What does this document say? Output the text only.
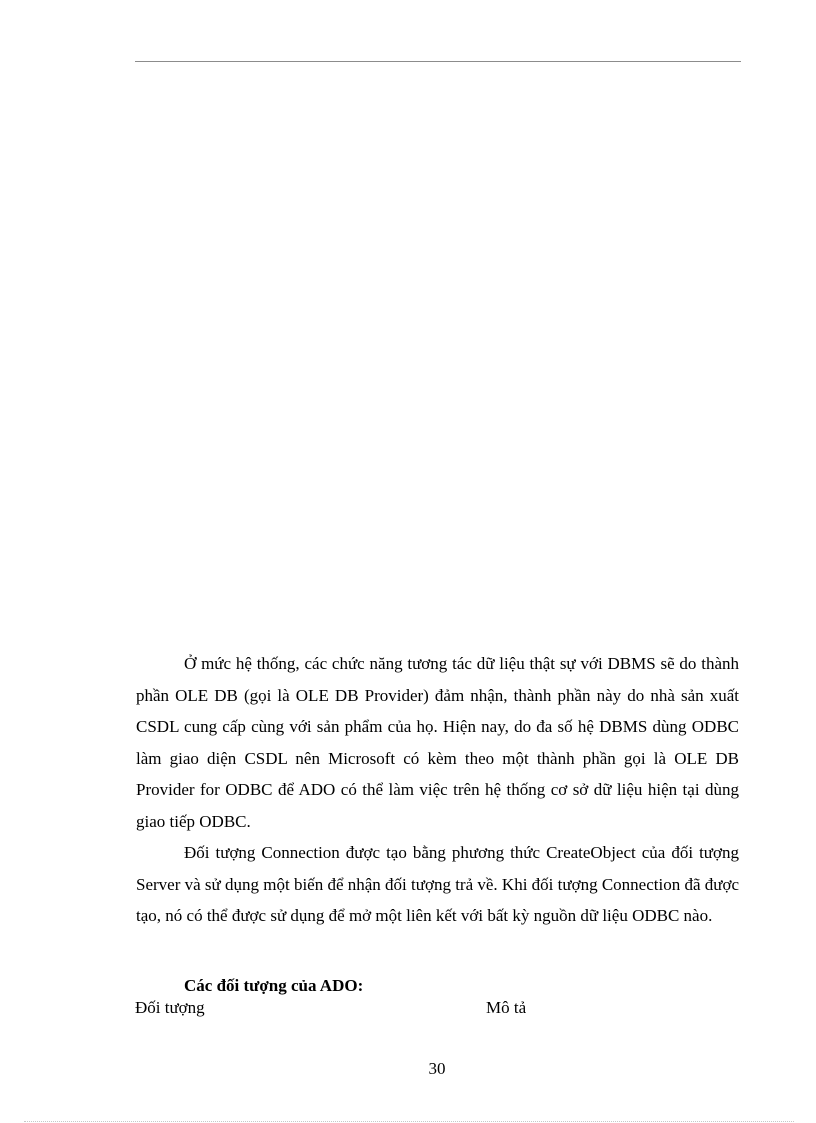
Ở mức hệ thống, các chức năng tương tác dữ liệu thật sự với DBMS sẽ do thành phần OLE DB (gọi là OLE DB Provider) đảm nhận, thành phần này do nhà sản xuất CSDL cung cấp cùng với sản phẩm của họ. Hiện nay, do đa số hệ DBMS dùng ODBC làm giao diện CSDL nên Microsoft có kèm theo một thành phần gọi là OLE DB Provider for ODBC để ADO có thể làm việc trên hệ thống cơ sở dữ liệu hiện tại dùng giao tiếp ODBC.

Đối tượng Connection được tạo bằng phương thức CreateObject của đối tượng Server và sử dụng một biến để nhận đối tượng trả về. Khi đối tượng Connection đã được tạo, nó có thể được sử dụng để mở một liên kết với bất kỳ nguồn dữ liệu ODBC nào.

Các đối tượng của ADO:
Đối tượng	Mô tả
30
